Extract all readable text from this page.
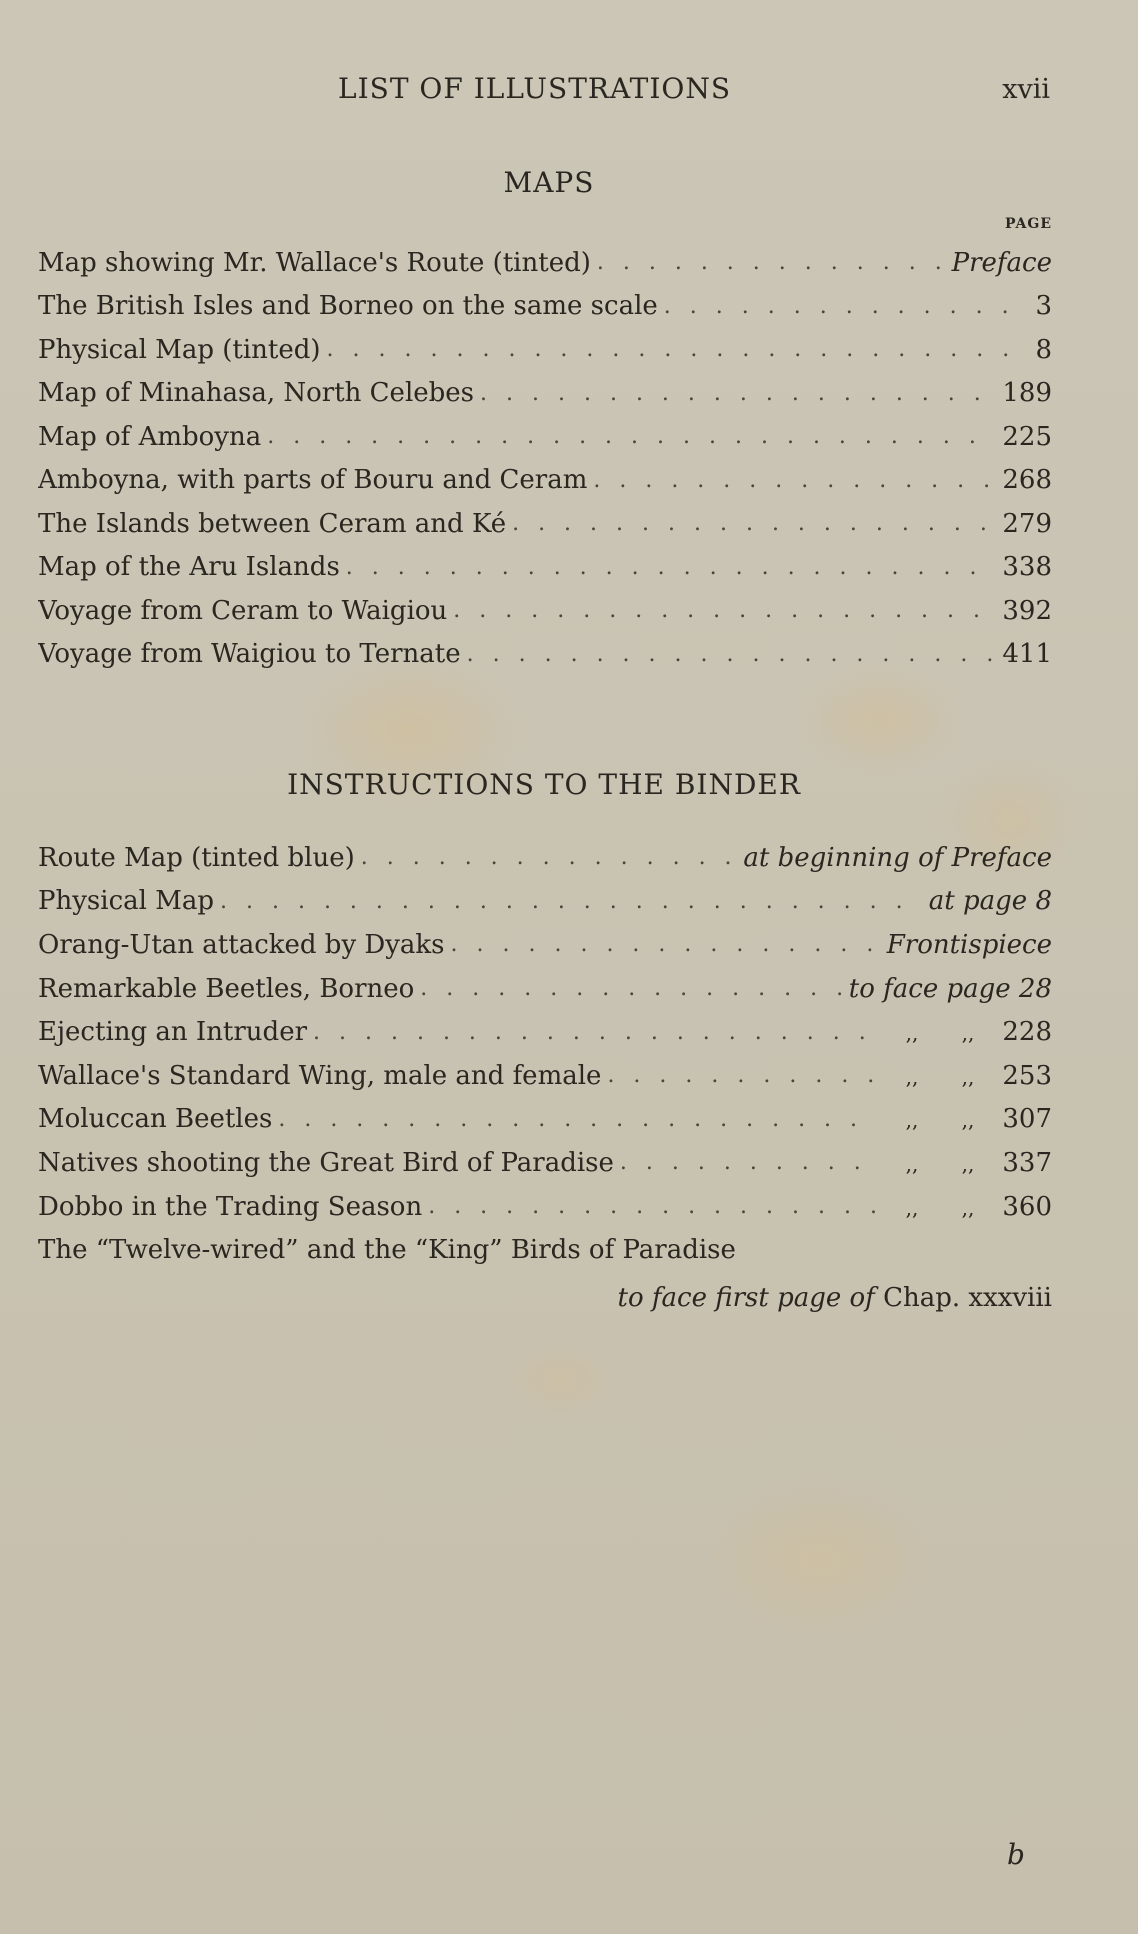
LIST OF ILLUSTRATIONS	xvii
MAPS
PAGE
Map showing Mr. Wallace's Route (tinted) . . .	Preface
The British Isles and Borneo on the same scale . . .	3
Physical Map (tinted) . . .	8
Map of Minahasa, North Celebes . . .	189
Map of Amboyna . . .	225
Amboyna, with parts of Bouru and Ceram . . .	268
The Islands between Ceram and Ké . . .	279
Map of the Aru Islands . . .	338
Voyage from Ceram to Waigiou . . .	392
Voyage from Waigiou to Ternate . . .	411
INSTRUCTIONS TO THE BINDER
Route Map (tinted blue) . . .	at beginning of Preface
Physical Map . . .	at page 8
Orang-Utan attacked by Dyaks . . .	Frontispiece
Remarkable Beetles, Borneo . . .	to face page 28
Ejecting an Intruder . . .	,, ,, 228
Wallace's Standard Wing, male and female . . .	,, ,, 253
Moluccan Beetles . . .	,, ,, 307
Natives shooting the Great Bird of Paradise . . .	,, ,, 337
Dobbo in the Trading Season . . .	,, ,, 360
The “Twelve-wired” and the “King” Birds of Paradise
to face first page of Chap. xxxviii
b
